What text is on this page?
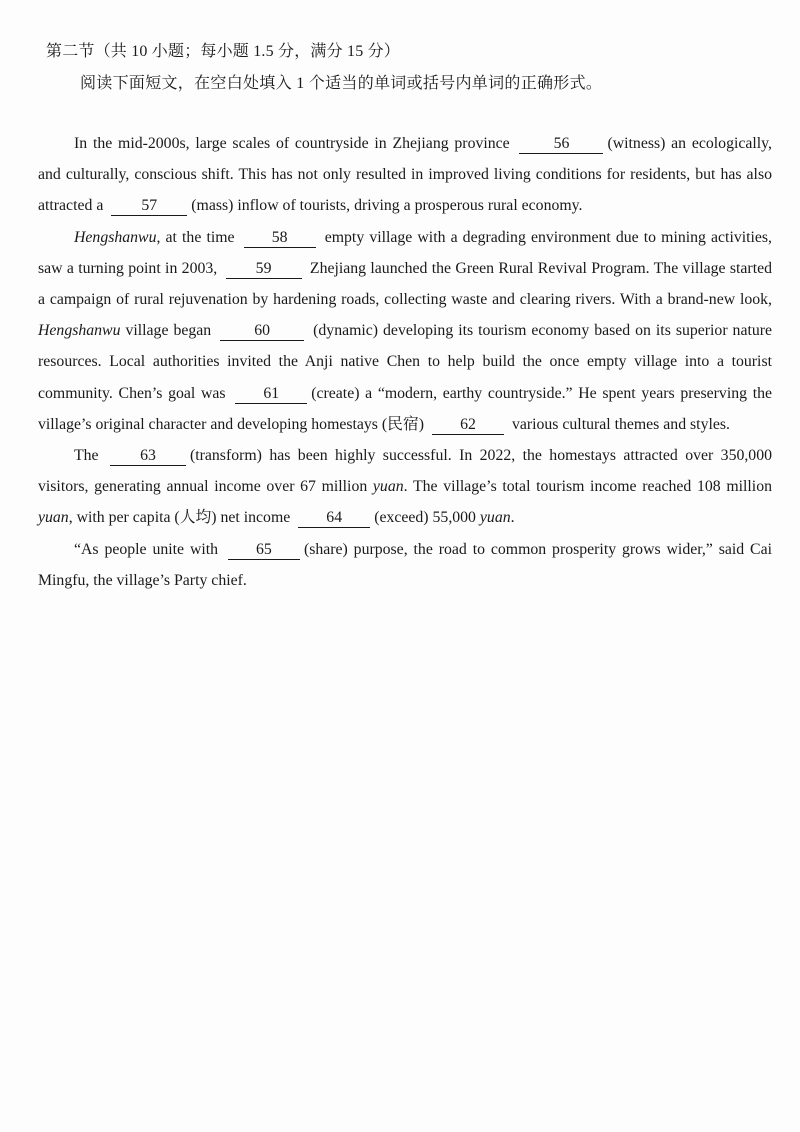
第二节（共 10 小题；每小题 1.5 分，满分 15 分）
阅读下面短文，在空白处填入 1 个适当的单词或括号内单词的正确形式。

In the mid-2000s, large scales of countryside in Zhejiang province	56 (witness) an ecologically, and culturally, conscious shift. This has not only resulted in improved living conditions for residents, but has also attracted a 57 (mass) inflow of tourists, driving a prosperous rural economy.

Hengshanwu, at the time 58 empty village with a degrading environment due to mining activities, saw a turning point in 2003, 59 Zhejiang launched the Green Rural Revival Program. The village started a campaign of rural rejuvenation by hardening roads, collecting waste and clearing rivers. With a brand-new look, Hengshanwu village began	60	(dynamic) developing its tourism economy based on its superior nature resources. Local authorities invited the Anji native Chen to help build the once empty village into a tourist community. Chen’s goal was 61 (create) a “modern, earthy countryside.” He spent years preserving the village’s original character and developing homestays (民宿) 62 various cultural themes and styles.

The	63 (transform) has been highly successful. In 2022, the homestays attracted over 350,000 visitors, generating annual income over 67 million yuan. The village’s total tourism income reached 108 million yuan, with per capita (人均) net income 64 (exceed) 55,000 yuan.

“As people unite with 65 (share) purpose, the road to common prosperity grows wider,” said Cai Mingfu, the village’s Party chief.
